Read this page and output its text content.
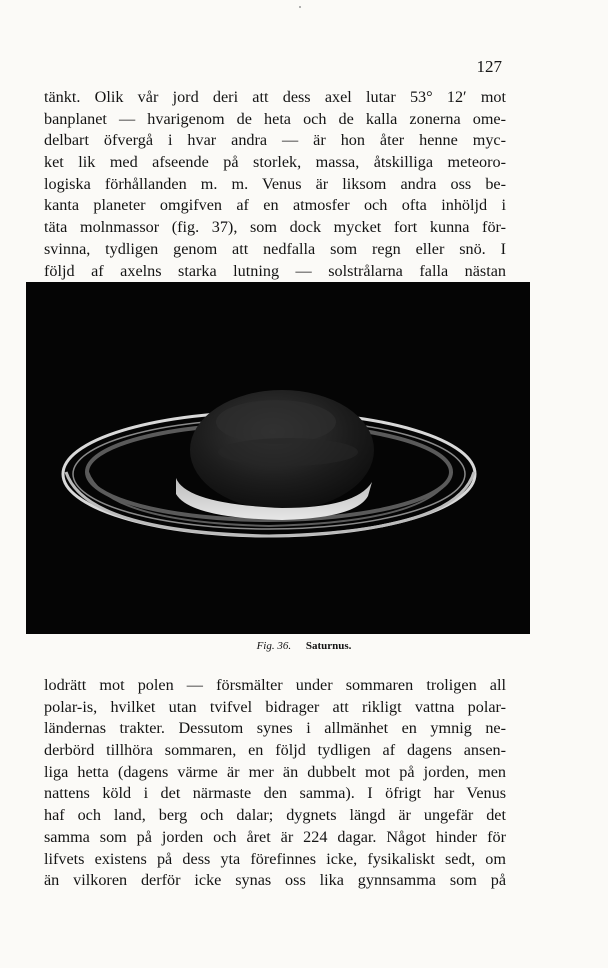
127
tänkt. Olik vår jord deri att dess axel lutar 53° 12′ mot
banplanet — hvarigenom de heta och de kalla zonerna ome-
delbart öfvergå i hvar andra — är hon åter henne myc-
ket lik med afseende på storlek, massa, åtskilliga meteoro-
logiska förhållanden m. m. Venus är liksom andra oss be-
kanta planeter omgifven af en atmosfer och ofta inhöljd i
täta molnmassor (fig. 37), som dock mycket fort kunna för-
svinna, tydligen genom att nedfalla som regn eller snö. I
följd af axelns starka lutning — solstrålarna falla nästan
Fig. 36. Saturnus.
lodrätt mot polen — försmälter under sommaren troligen all
polar-is, hvilket utan tvifvel bidrager att rikligt vattna polar-
ländernas trakter. Dessutom synes i allmänhet en ymnig ne-
derbörd tillhöra sommaren, en följd tydligen af dagens ansen-
liga hetta (dagens värme är mer än dubbelt mot på jorden, men
nattens köld i det närmaste den samma). I öfrigt har Venus
haf och land, berg och dalar; dygnets längd är ungefär det
samma som på jorden och året är 224 dagar. Något hinder för
lifvets existens på dess yta förefinnes icke, fysikaliskt sedt, om
än vilkoren derför icke synas oss lika gynnsamma som på
